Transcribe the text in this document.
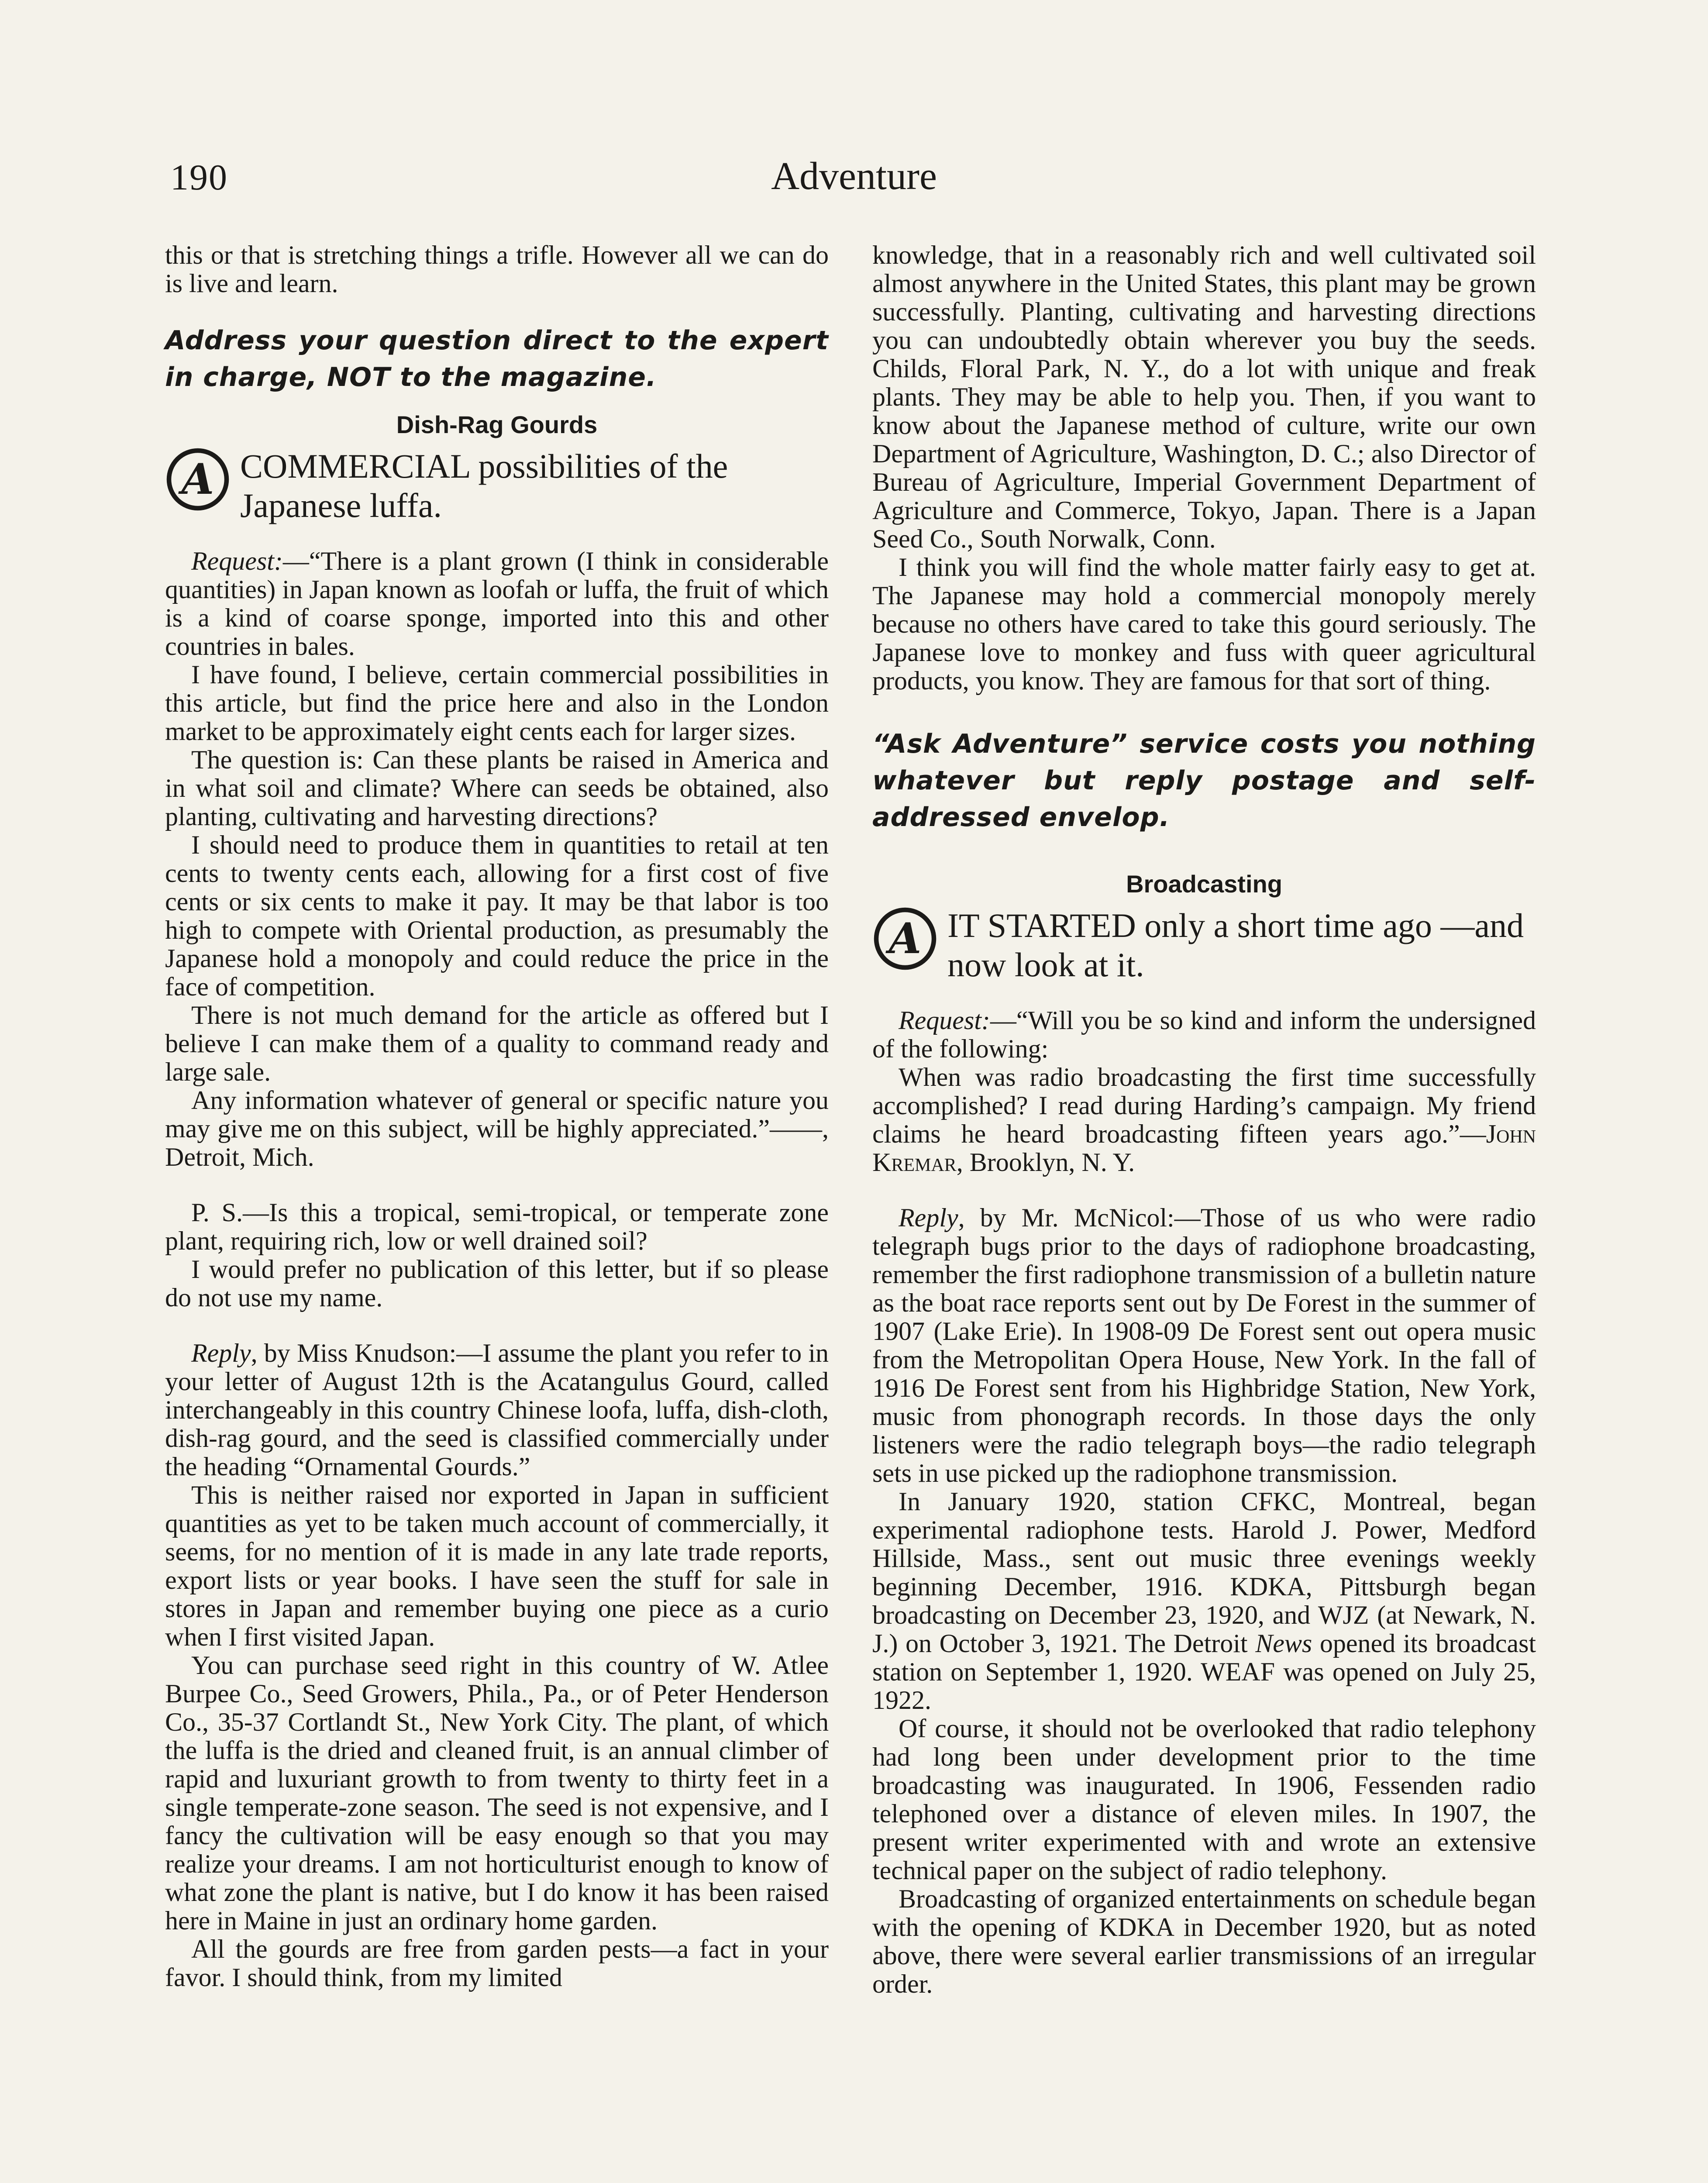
190	Adventure

this or that is stretching things a trifle. However all we can do is live and learn.

Address your question direct to the expert in charge, NOT to the magazine.
Dish-Rag Gourds
A COMMERCIAL possibilities of the Japanese luffa.

Request:—“There is a plant grown (I think in considerable quantities) in Japan known as loofah or luffa, the fruit of which is a kind of coarse sponge, imported into this and other countries in bales.

I have found, I believe, certain commercial possibilities in this article, but find the price here and also in the London market to be approximately eight cents each for larger sizes.

The question is: Can these plants be raised in America and in what soil and climate? Where can seeds be obtained, also planting, cultivating and harvesting directions?

I should need to produce them in quantities to retail at ten cents to twenty cents each, allowing for a first cost of five cents or six cents to make it pay. It may be that labor is too high to compete with Oriental production, as presumably the Japanese hold a monopoly and could reduce the price in the face of competition.

There is not much demand for the article as offered but I believe I can make them of a quality to command ready and large sale.

Any information whatever of general or specific nature you may give me on this subject, will be highly appreciated.”——, Detroit, Mich.

P. S.—Is this a tropical, semi-tropical, or temperate zone plant, requiring rich, low or well drained soil?

I would prefer no publication of this letter, but if so please do not use my name.

Reply, by Miss Knudson:—I assume the plant you refer to in your letter of August 12th is the Acatangulus Gourd, called interchangeably in this country Chinese loofa, luffa, dish-cloth, dish-rag gourd, and the seed is classified commercially under the heading “Ornamental Gourds.”

This is neither raised nor exported in Japan in sufficient quantities as yet to be taken much account of commercially, it seems, for no mention of it is made in any late trade reports, export lists or year books. I have seen the stuff for sale in stores in Japan and remember buying one piece as a curio when I first visited Japan.

You can purchase seed right in this country of W. Atlee Burpee Co., Seed Growers, Phila., Pa., or of Peter Henderson Co., 35-37 Cortlandt St., New York City. The plant, of which the luffa is the dried and cleaned fruit, is an annual climber of rapid and luxuriant growth to from twenty to thirty feet in a single temperate-zone season. The seed is not expensive, and I fancy the cultivation will be easy enough so that you may realize your dreams. I am not horticulturist enough to know of what zone the plant is native, but I do know it has been raised here in Maine in just an ordinary home garden.

All the gourds are free from garden pests—a fact in your favor. I should think, from my limited

knowledge, that in a reasonably rich and well cultivated soil almost anywhere in the United States, this plant may be grown successfully. Planting, cultivating and harvesting directions you can undoubtedly obtain wherever you buy the seeds. Childs, Floral Park, N. Y., do a lot with unique and freak plants. They may be able to help you. Then, if you want to know about the Japanese method of culture, write our own Department of Agriculture, Washington, D. C.; also Director of Bureau of Agriculture, Imperial Government Department of Agriculture and Commerce, Tokyo, Japan. There is a Japan Seed Co., South Norwalk, Conn.

I think you will find the whole matter fairly easy to get at. The Japanese may hold a commercial monopoly merely because no others have cared to take this gourd seriously. The Japanese love to monkey and fuss with queer agricultural products, you know. They are famous for that sort of thing.

“Ask Adventure” service costs you nothing whatever but reply postage and self-addressed envelop.
Broadcasting
A IT STARTED only a short time ago —and now look at it.

Request:—“Will you be so kind and inform the undersigned of the following:

When was radio broadcasting the first time successfully accomplished? I read during Harding’s campaign. My friend claims he heard broadcasting fifteen years ago.”—John Kremar, Brooklyn, N. Y.

Reply, by Mr. McNicol:—Those of us who were radio telegraph bugs prior to the days of radiophone broadcasting, remember the first radiophone transmission of a bulletin nature as the boat race reports sent out by De Forest in the summer of 1907 (Lake Erie). In 1908-09 De Forest sent out opera music from the Metropolitan Opera House, New York. In the fall of 1916 De Forest sent from his Highbridge Station, New York, music from phonograph records. In those days the only listeners were the radio telegraph boys—the radio telegraph sets in use picked up the radiophone transmission.

In January 1920, station CFKC, Montreal, began experimental radiophone tests. Harold J. Power, Medford Hillside, Mass., sent out music three evenings weekly beginning December, 1916. KDKA, Pittsburgh began broadcasting on December 23, 1920, and WJZ (at Newark, N. J.) on October 3, 1921. The Detroit News opened its broadcast station on September 1, 1920. WEAF was opened on July 25, 1922.

Of course, it should not be overlooked that radio telephony had long been under development prior to the time broadcasting was inaugurated. In 1906, Fessenden radio telephoned over a distance of eleven miles. In 1907, the present writer experimented with and wrote an extensive technical paper on the subject of radio telephony.

Broadcasting of organized entertainments on schedule began with the opening of KDKA in December 1920, but as noted above, there were several earlier transmissions of an irregular order.
